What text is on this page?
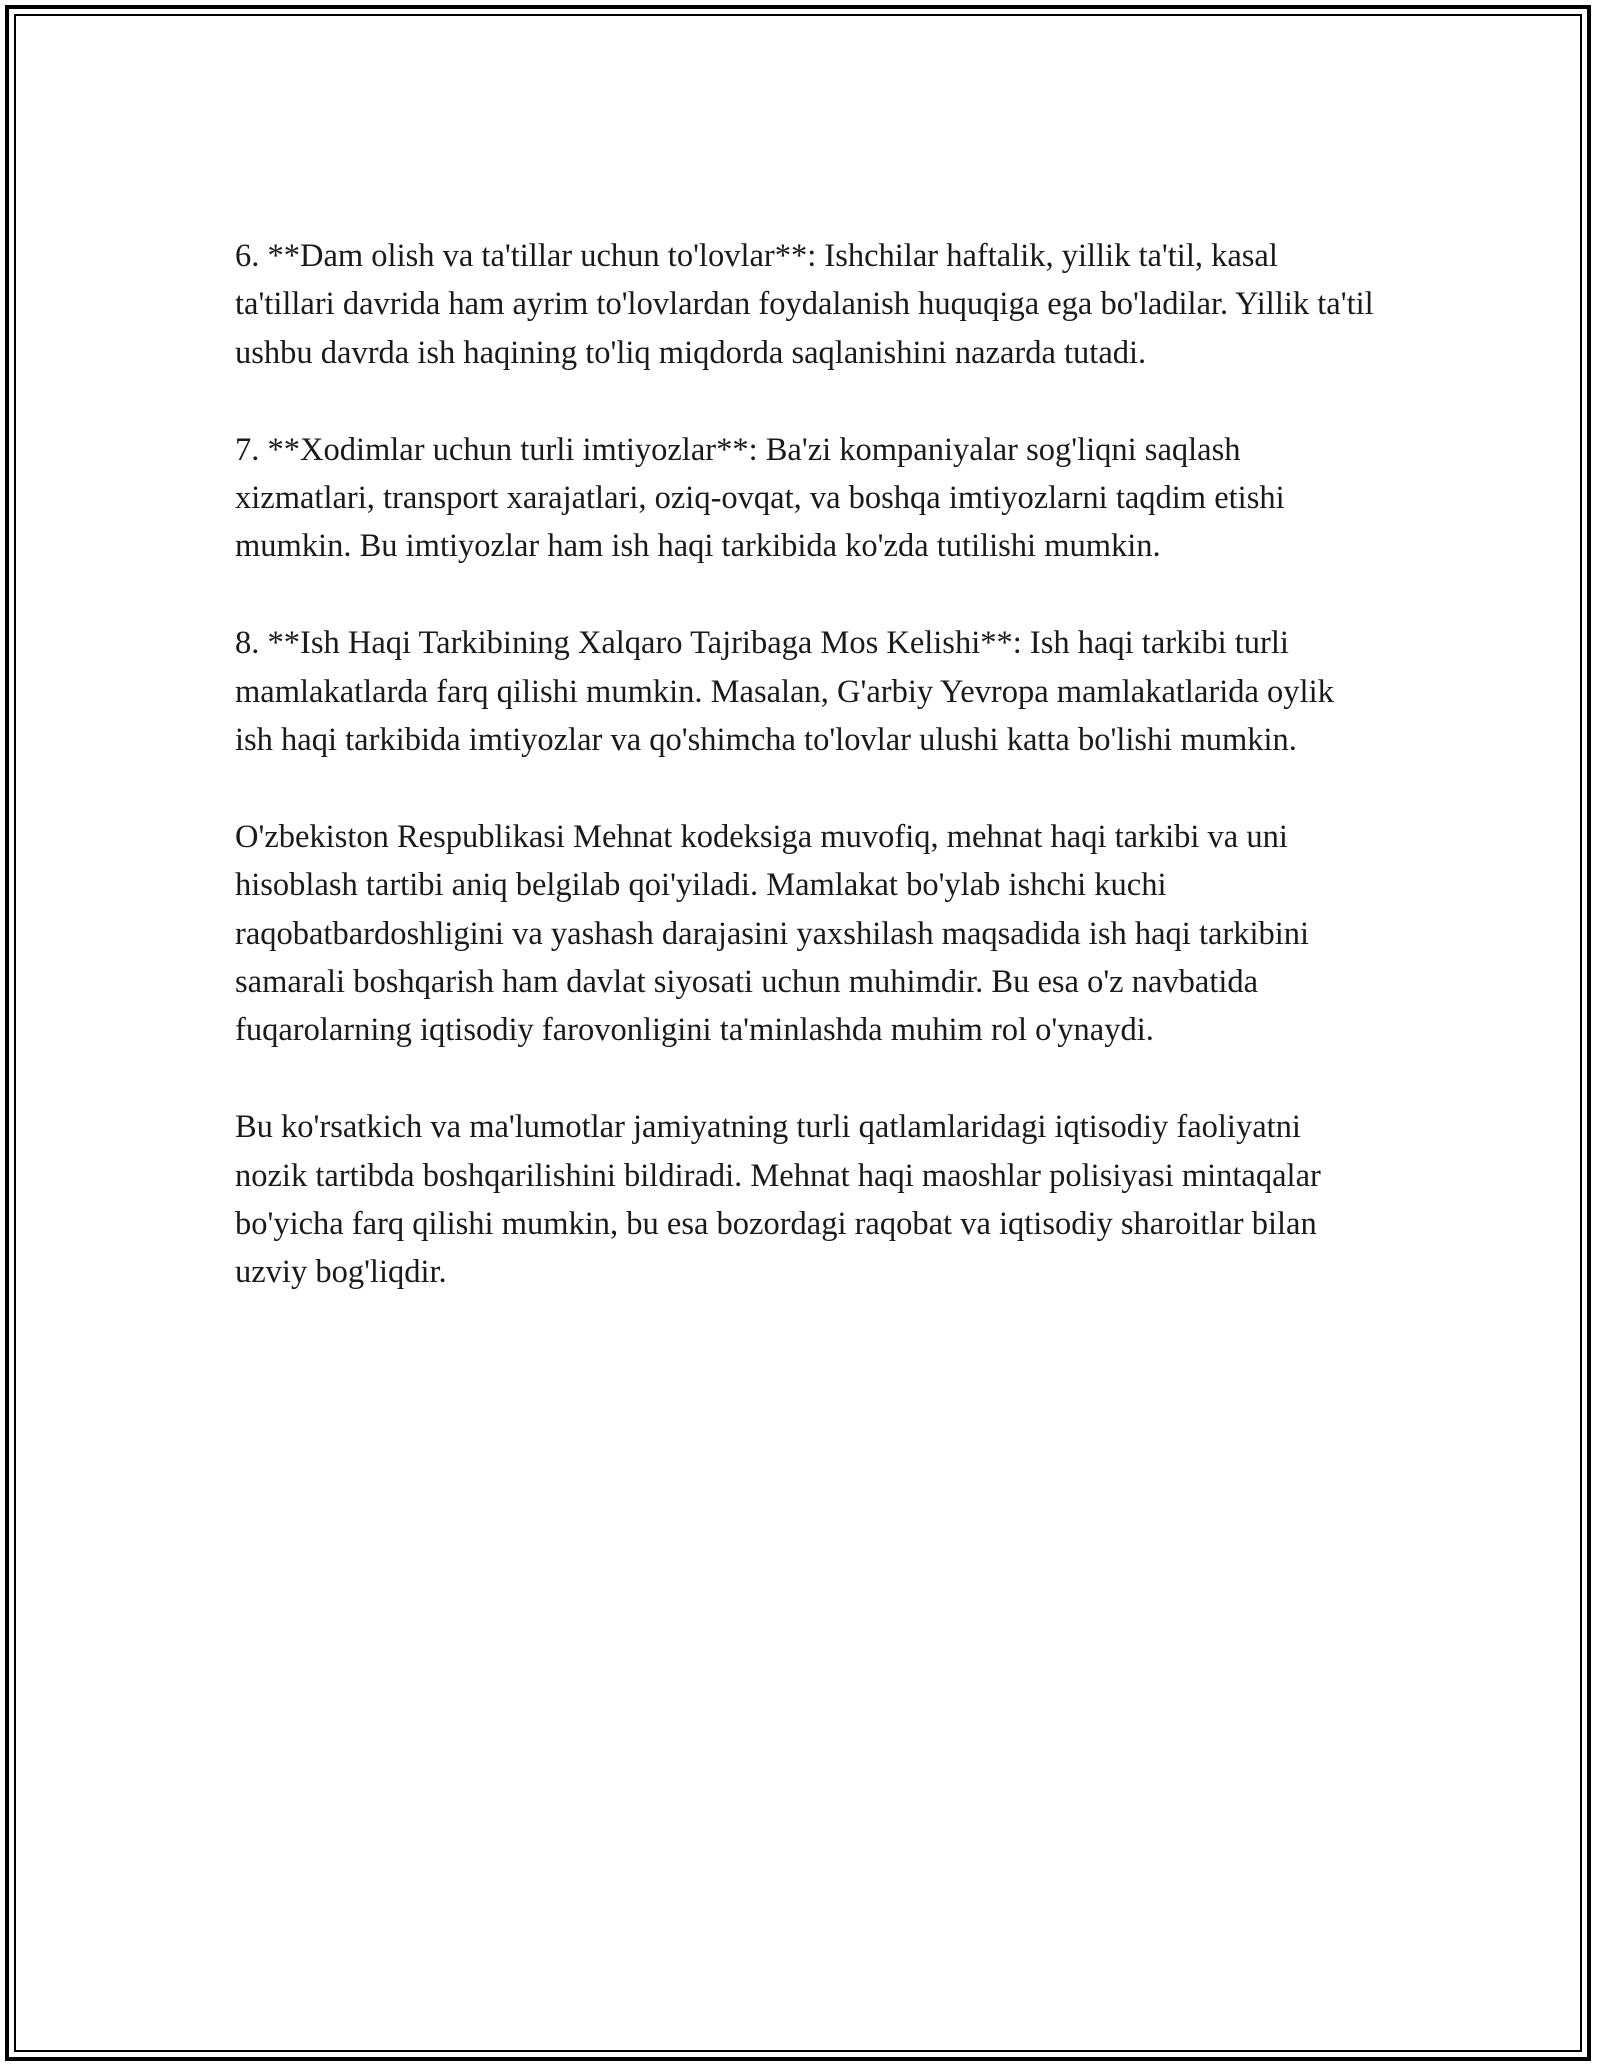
6. **Dam olish va ta'tillar uchun to'lovlar**: Ishchilar haftalik, yillik ta'til, kasal ta'tillari davrida ham ayrim to'lovlardan foydalanish huquqiga ega bo'ladilar. Yillik ta'til ushbu davrda ish haqining to'liq miqdorda saqlanishini nazarda tutadi.

7. **Xodimlar uchun turli imtiyozlar**: Ba'zi kompaniyalar sog'liqni saqlash xizmatlari, transport xarajatlari, oziq-ovqat, va boshqa imtiyozlarni taqdim etishi mumkin. Bu imtiyozlar ham ish haqi tarkibida ko'zda tutilishi mumkin.

8. **Ish Haqi Tarkibining Xalqaro Tajribaga Mos Kelishi**: Ish haqi tarkibi turli mamlakatlarda farq qilishi mumkin. Masalan, G'arbiy Yevropa mamlakatlarida oylik ish haqi tarkibida imtiyozlar va qo'shimcha to'lovlar ulushi katta bo'lishi mumkin.

O'zbekiston Respublikasi Mehnat kodeksiga muvofiq, mehnat haqi tarkibi va uni hisoblash tartibi aniq belgilab qoi'yiladi. Mamlakat bo'ylab ishchi kuchi raqobatbardoshligini va yashash darajasini yaxshilash maqsadida ish haqi tarkibini samarali boshqarish ham davlat siyosati uchun muhimdir. Bu esa o'z navbatida fuqarolarning iqtisodiy farovonligini ta'minlashda muhim rol o'ynaydi.

Bu ko'rsatkich va ma'lumotlar jamiyatning turli qatlamlaridagi iqtisodiy faoliyatni nozik tartibda boshqarilishini bildiradi. Mehnat haqi maoshlar polisiyasi mintaqalar bo'yicha farq qilishi mumkin, bu esa bozordagi raqobat va iqtisodiy sharoitlar bilan uzviy bog'liqdir.
